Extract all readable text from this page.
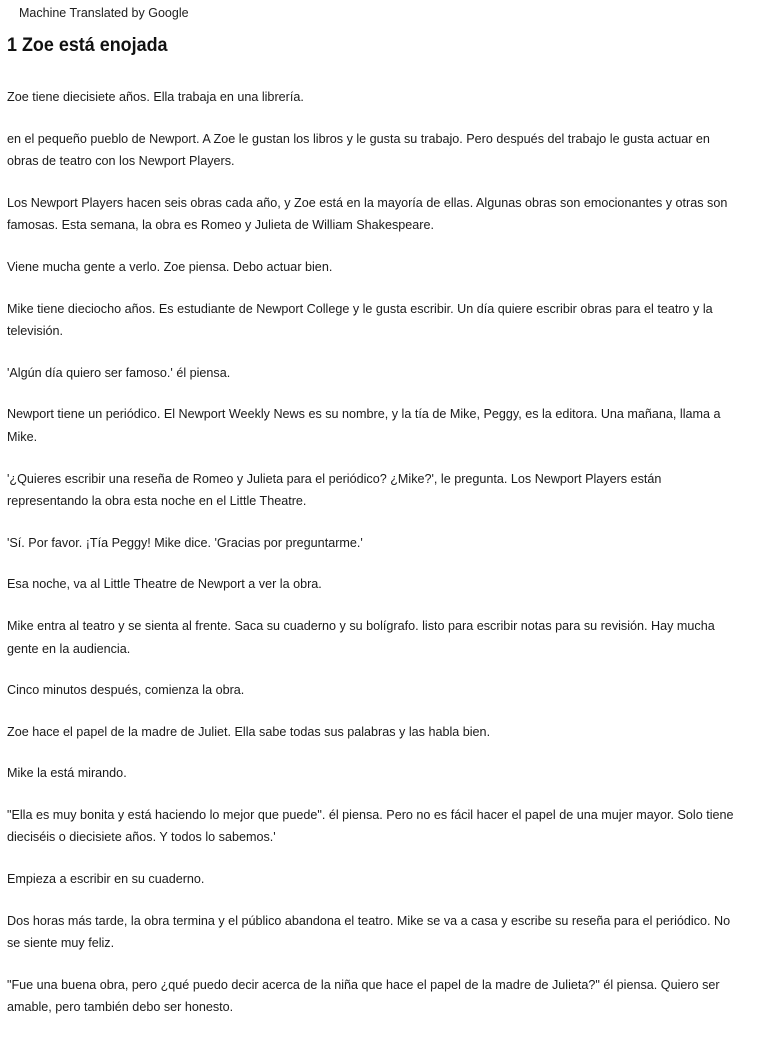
Machine Translated by Google
1 Zoe está enojada

Zoe tiene diecisiete años. Ella trabaja en una librería.

en el pequeño pueblo de Newport. A Zoe le gustan los libros y le gusta su trabajo. Pero después del trabajo le gusta actuar en obras de teatro con los Newport Players.

Los Newport Players hacen seis obras cada año, y Zoe está en la mayoría de ellas. Algunas obras son emocionantes y otras son famosas. Esta semana, la obra es Romeo y Julieta de William Shakespeare.

Viene mucha gente a verlo. Zoe piensa. Debo actuar bien.

Mike tiene dieciocho años. Es estudiante de Newport College y le gusta escribir. Un día quiere escribir obras para el teatro y la televisión.

'Algún día quiero ser famoso.' él piensa.

Newport tiene un periódico. El Newport Weekly News es su nombre, y la tía de Mike, Peggy, es la editora. Una mañana, llama a Mike.

'¿Quieres escribir una reseña de Romeo y Julieta para el periódico? ¿Mike?', le pregunta. Los Newport Players están representando la obra esta noche en el Little Theatre.

'Sí. Por favor. ¡Tía Peggy! Mike dice. 'Gracias por preguntarme.'

Esa noche, va al Little Theatre de Newport a ver la obra.

Mike entra al teatro y se sienta al frente. Saca su cuaderno y su bolígrafo. listo para escribir notas para su revisión. Hay mucha gente en la audiencia.

Cinco minutos después, comienza la obra.

Zoe hace el papel de la madre de Juliet. Ella sabe todas sus palabras y las habla bien.

Mike la está mirando.

"Ella es muy bonita y está haciendo lo mejor que puede". él piensa. Pero no es fácil hacer el papel de una mujer mayor. Solo tiene dieciséis o diecisiete años. Y todos lo sabemos.'

Empieza a escribir en su cuaderno.

Dos horas más tarde, la obra termina y el público abandona el teatro. Mike se va a casa y escribe su reseña para el periódico. No se siente muy feliz.

"Fue una buena obra, pero ¿qué puedo decir acerca de la niña que hace el papel de la madre de Julieta?" él piensa. Quiero ser amable, pero también debo ser honesto.
